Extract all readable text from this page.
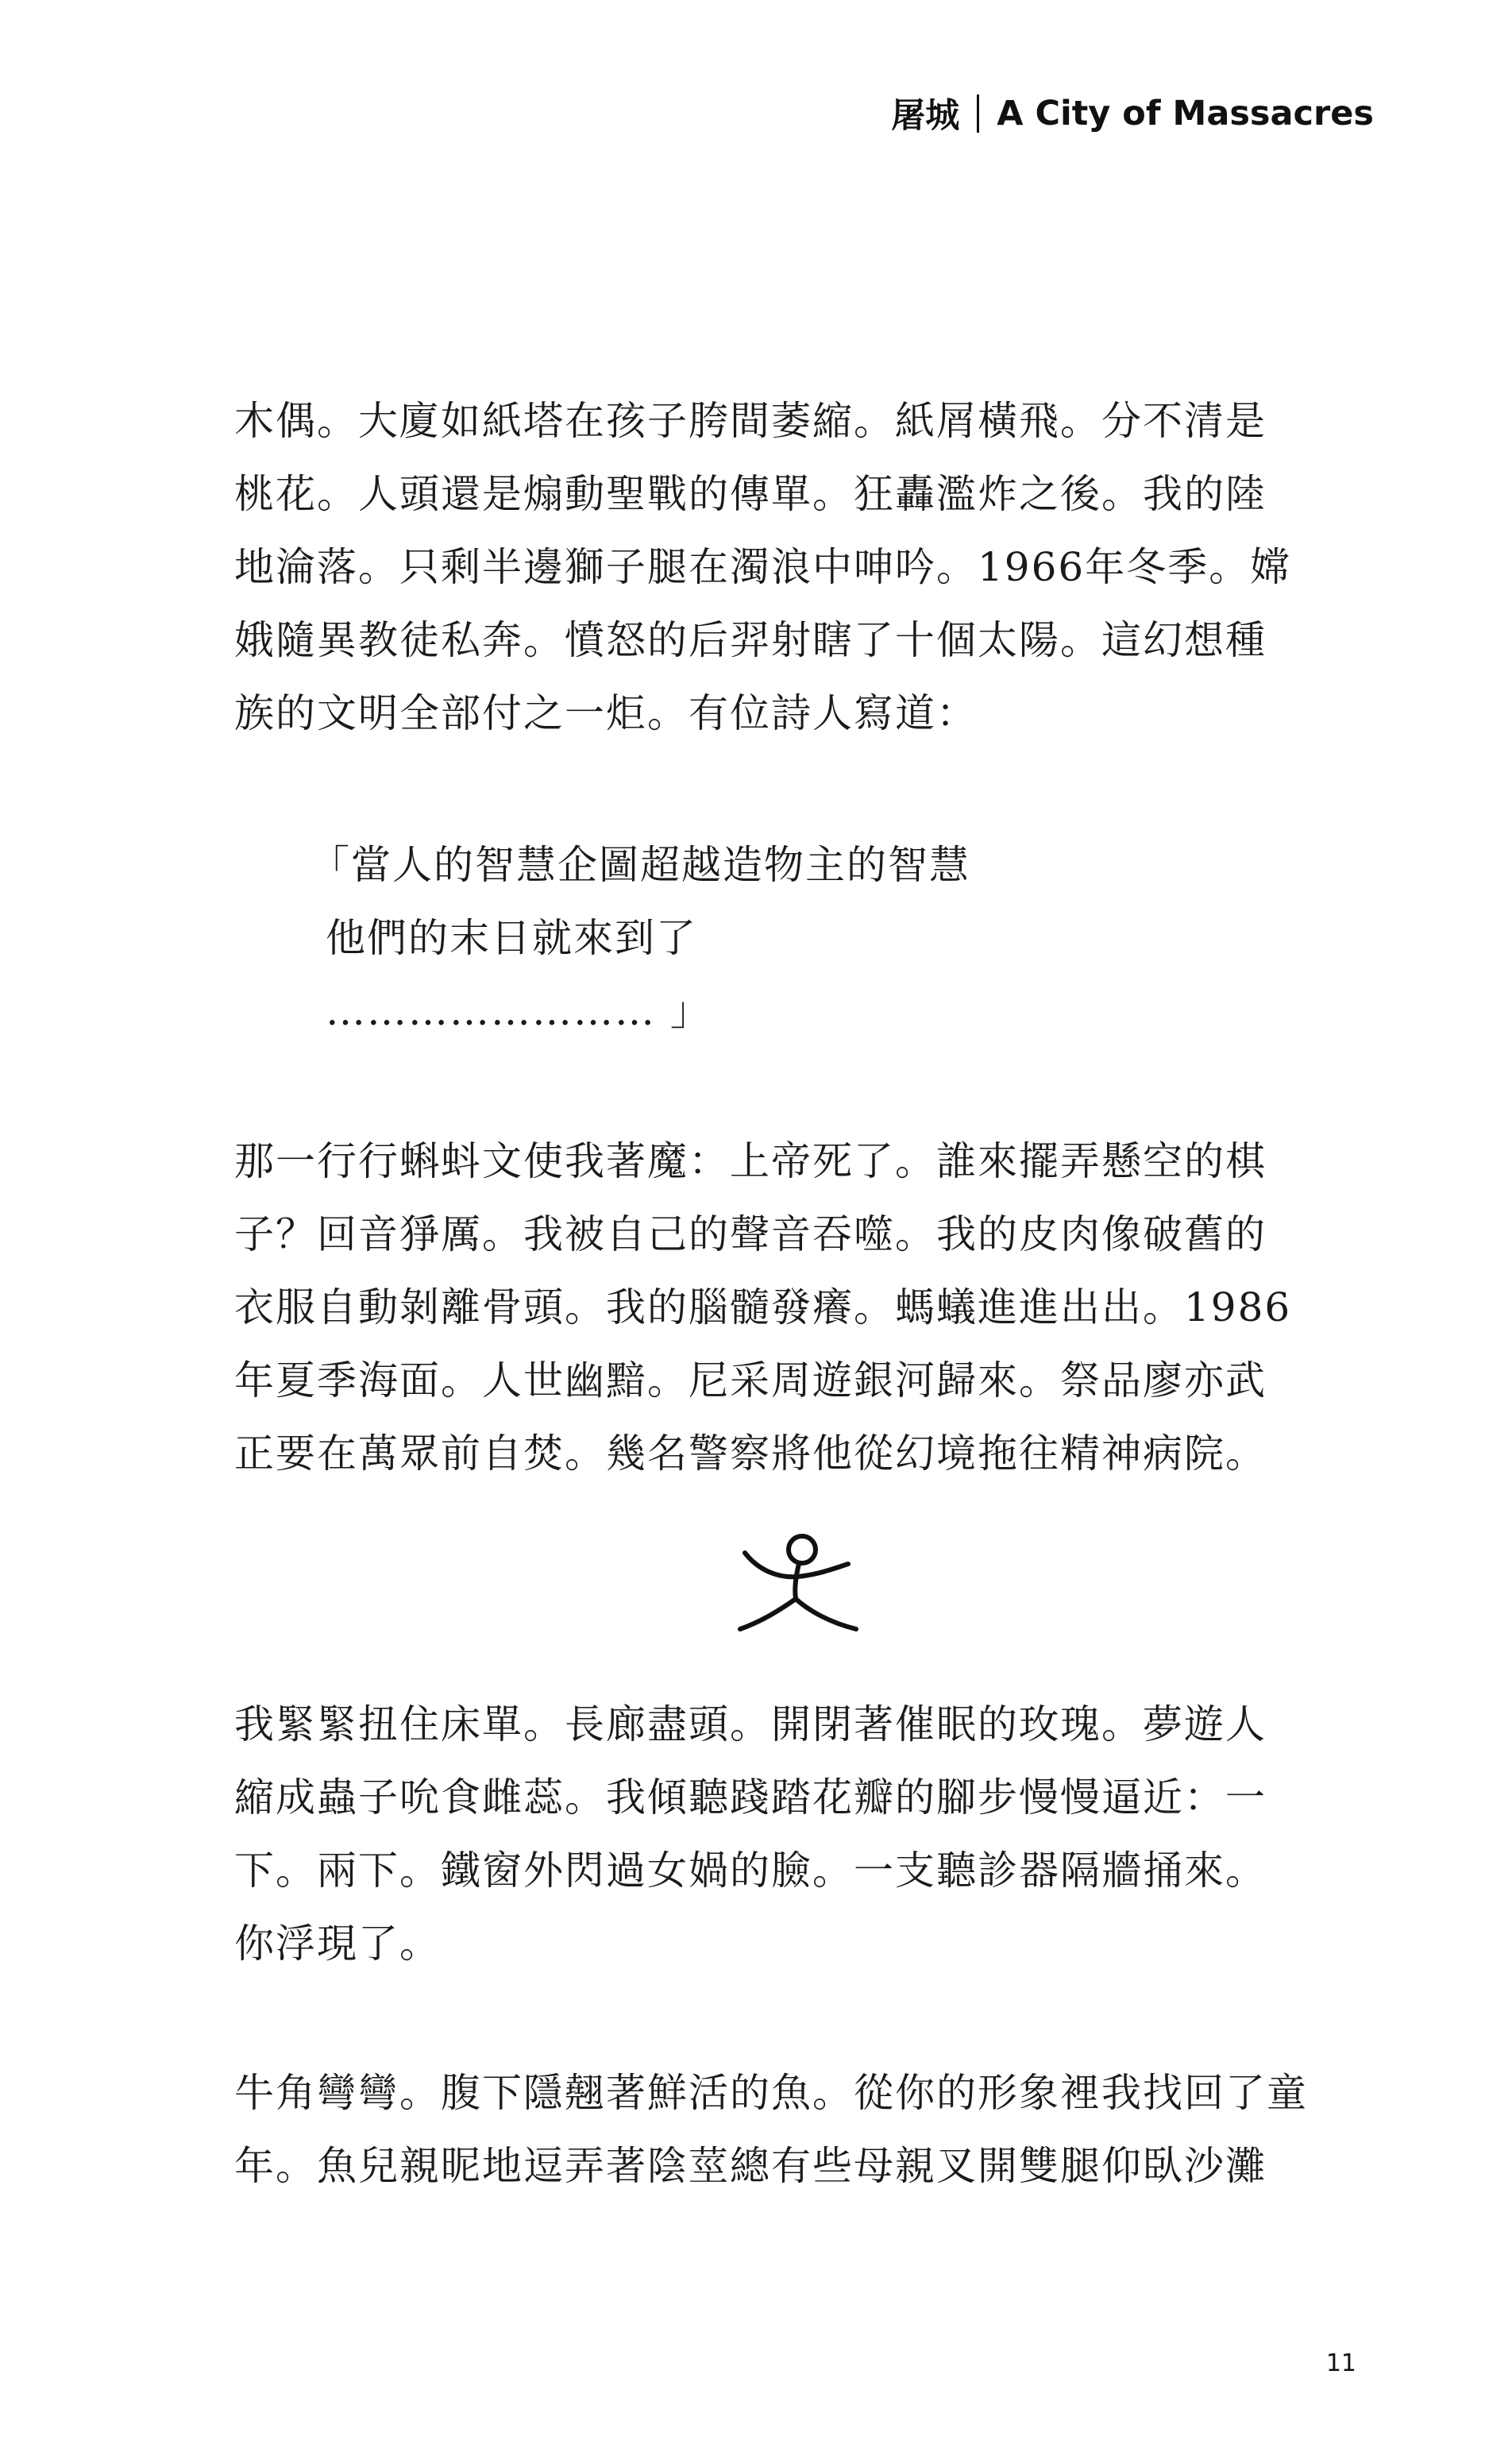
屠城 A City of Massacres
木偶。大廈如紙塔在孩子胯間萎縮。紙屑橫飛。分不清是
桃花。人頭還是煽動聖戰的傳單。狂轟濫炸之後。我的陸
地淪落。只剩半邊獅子腿在濁浪中呻吟。1966年冬季。嫦
娥隨異教徒私奔。憤怒的后羿射瞎了十個太陽。這幻想種
族的文明全部付之一炬。有位詩人寫道：
「當人的智慧企圖超越造物主的智慧
他們的末日就來到了
…………………… 」
那一行行蝌蚪文使我著魔：上帝死了。誰來擺弄懸空的棋
子？回音猙厲。我被自己的聲音吞噬。我的皮肉像破舊的
衣服自動剝離骨頭。我的腦髓發癢。螞蟻進進出出。1986
年夏季海面。人世幽黯。尼采周遊銀河歸來。祭品廖亦武
正要在萬眾前自焚。幾名警察將他從幻境拖往精神病院。
我緊緊扭住床單。長廊盡頭。開閉著催眠的玫瑰。夢遊人
縮成蟲子吮食雌蕊。我傾聽踐踏花瓣的腳步慢慢逼近：一
下。兩下。鐵窗外閃過女媧的臉。一支聽診器隔牆捅來。
你浮現了。
牛角彎彎。腹下隱翹著鮮活的魚。從你的形象裡我找回了童
年。魚兒親昵地逗弄著陰莖總有些母親叉開雙腿仰臥沙灘
11
